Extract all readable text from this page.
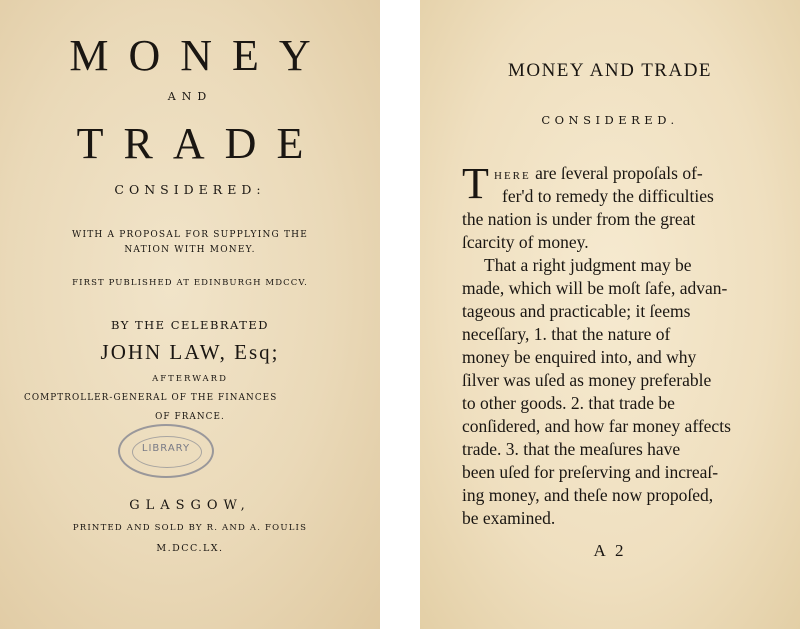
MONEY
AND
TRADE
CONSIDERED:
WITH A PROPOSAL FOR SUPPLYING THE
NATION WITH MONEY.
FIRST PUBLISHED AT EDINBURGH MDCCV.
BY THE CELEBRATED
JOHN LAW, Esq;
AFTERWARD
COMPTROLLER-GENERAL OF THE FINANCES
OF FRANCE.
LIBRARY
GLASGOW,
PRINTED AND SOLD BY R. AND A. FOULIS
M.DCC.LX.
MONEY AND TRADE
CONSIDERED.
T HERE are ſeveral propoſals of-
fer'd to remedy the difficulties
the nation is under from the great
ſcarcity of money.
That a right judgment may be
made, which will be moſt ſafe, advan-
tageous and practicable; it ſeems
neceſſary, 1. that the nature of
money be enquired into, and why
ſilver was uſed as money preferable
to other goods. 2. that trade be
conſidered, and how far money affects
trade. 3. that the meaſures have
been uſed for preſerving and increaſ-
ing money, and theſe now propoſed,
be examined.
A 2
